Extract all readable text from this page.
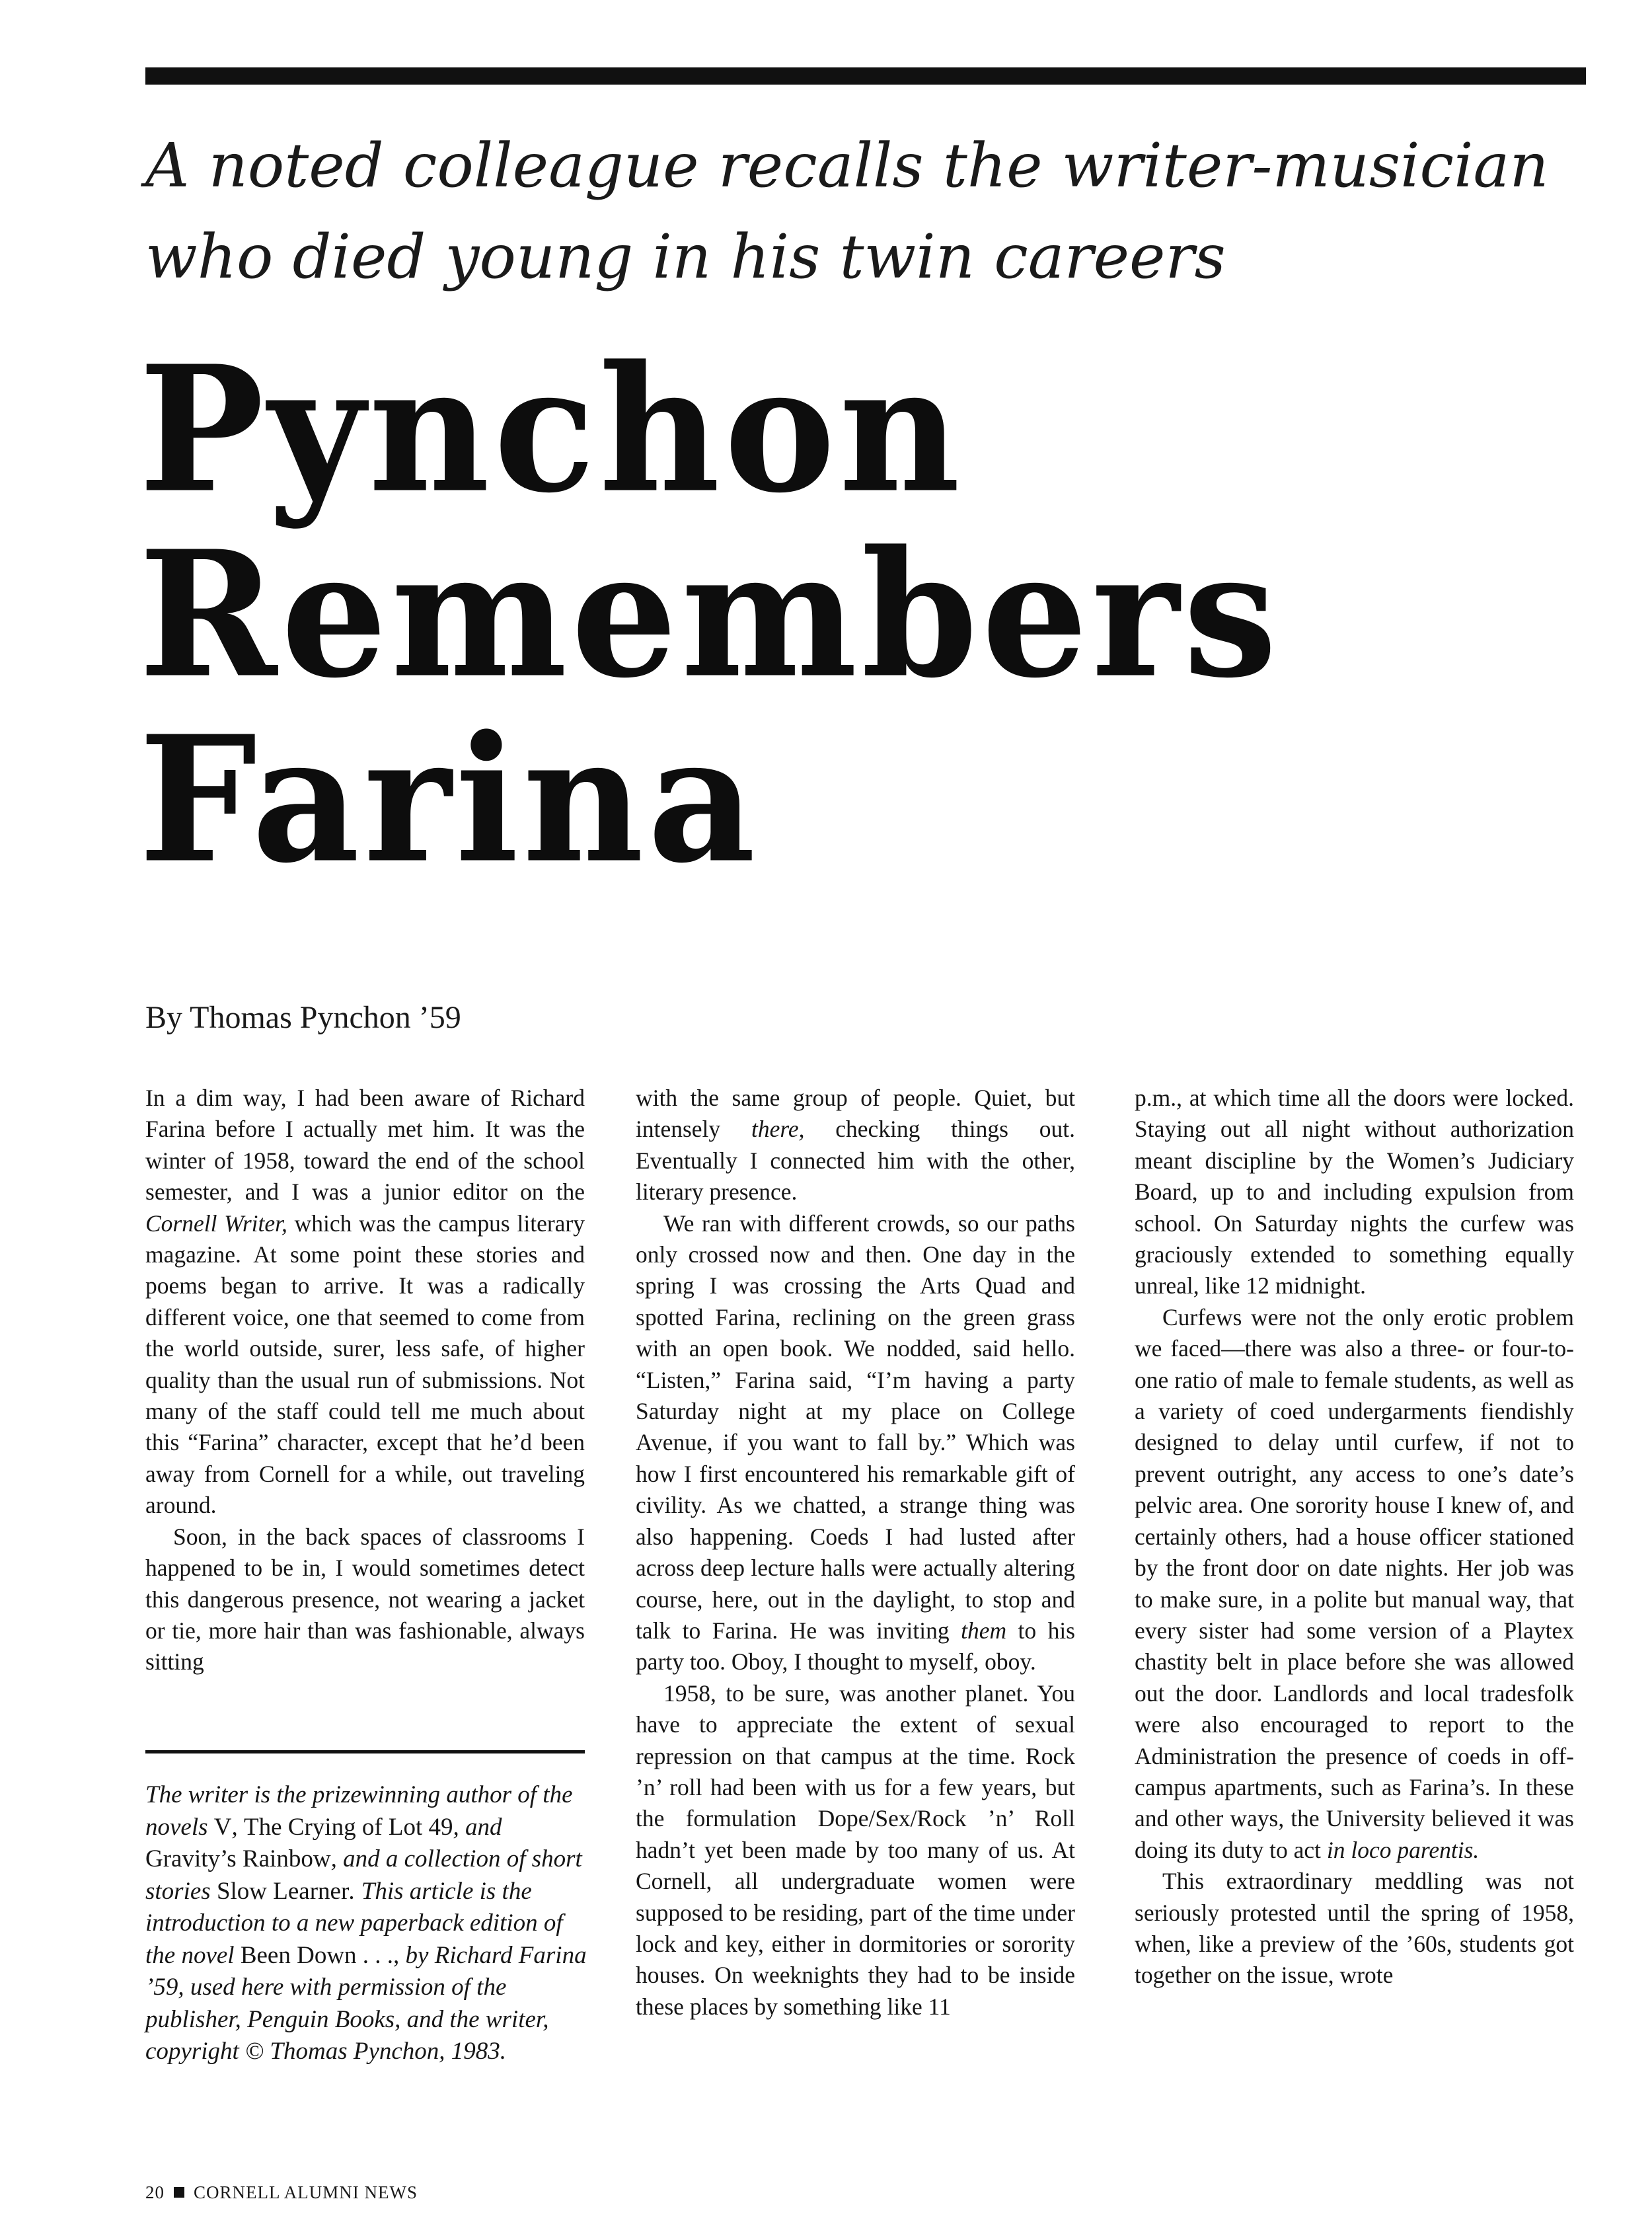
A noted colleague recalls the writer-musician
who died young in his twin careers
Pynchon
Remembers
Farina
By Thomas Pynchon ’59

In a dim way, I had been aware of Richard Farina before I actually met him. It was the winter of 1958, toward the end of the school semester, and I was a junior editor on the Cornell Writer, which was the campus literary magazine. At some point these stories and poems began to arrive. It was a radically different voice, one that seemed to come from the world outside, surer, less safe, of higher quality than the usual run of submissions. Not many of the staff could tell me much about this “Farina” character, except that he’d been away from Cornell for a while, out traveling around.

Soon, in the back spaces of classrooms I happened to be in, I would sometimes detect this dangerous presence, not wearing a jacket or tie, more hair than was fashionable, always sitting

The writer is the prizewinning author of the novels V, The Crying of Lot 49, and Gravity’s Rainbow, and a collection of short stories Slow Learner. This article is the introduction to a new paperback edition of the novel Been Down . . ., by Richard Farina ’59, used here with permission of the publisher, Penguin Books, and the writer, copyright © Thomas Pynchon, 1983.

with the same group of people. Quiet, but intensely there, checking things out. Eventually I connected him with the other, literary presence.

We ran with different crowds, so our paths only crossed now and then. One day in the spring I was crossing the Arts Quad and spotted Farina, reclining on the green grass with an open book. We nodded, said hello. “Listen,” Farina said, “I’m having a party Saturday night at my place on College Avenue, if you want to fall by.” Which was how I first encountered his remarkable gift of civility. As we chatted, a strange thing was also happening. Coeds I had lusted after across deep lecture halls were actually altering course, here, out in the daylight, to stop and talk to Farina. He was inviting them to his party too. Oboy, I thought to myself, oboy.

1958, to be sure, was another planet. You have to appreciate the extent of sexual repression on that campus at the time. Rock ’n’ roll had been with us for a few years, but the formulation Dope/Sex/Rock ’n’ Roll hadn’t yet been made by too many of us. At Cornell, all undergraduate women were supposed to be residing, part of the time under lock and key, either in dormitories or sorority houses. On weeknights they had to be inside these places by something like 11

p.m., at which time all the doors were locked. Staying out all night without authorization meant discipline by the Women’s Judiciary Board, up to and including expulsion from school. On Saturday nights the curfew was graciously extended to something equally unreal, like 12 midnight.

Curfews were not the only erotic problem we faced—there was also a three- or four-to-one ratio of male to female students, as well as a variety of coed undergarments fiendishly designed to delay until curfew, if not to prevent outright, any access to one’s date’s pelvic area. One sorority house I knew of, and certainly others, had a house officer stationed by the front door on date nights. Her job was to make sure, in a polite but manual way, that every sister had some version of a Playtex chastity belt in place before she was allowed out the door. Landlords and local tradesfolk were also encouraged to report to the Administration the presence of coeds in off-campus apartments, such as Farina’s. In these and other ways, the University believed it was doing its duty to act in loco parentis.

This extraordinary meddling was not seriously protested until the spring of 1958, when, like a preview of the ’60s, students got together on the issue, wrote

20 CORNELL ALUMNI NEWS
